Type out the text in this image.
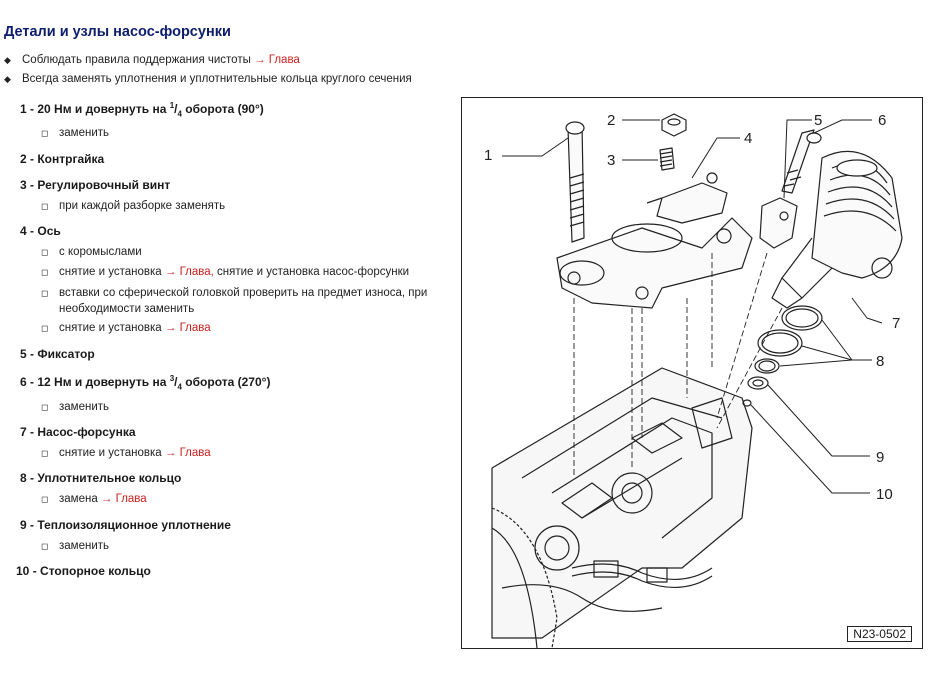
Детали и узлы насос-форсунки
◆ Соблюдать правила поддержания чистоты → Глава
◆ Всегда заменять уплотнения и уплотнительные кольца круглого сечения
1 - 20 Нм и довернуть на $^1/_4$ оборота (90°)
◻ заменить
2 - Контргайка
3 - Регулировочный винт
◻ при каждой разборке заменять
4 - Ось
◻ с коромыслами
◻ снятие и установка → Глава, снятие и установка насос-форсунки
◻ вставки со сферической головкой проверить на предмет износа, при необходимости заменить
◻ снятие и установка → Глава
5 - Фиксатор
6 - 12 Нм и довернуть на $^3/_4$ оборота (270°)
◻ заменить
7 - Насос-форсунка
◻ снятие и установка → Глава
8 - Уплотнительное кольцо
◻ замена → Глава
9 - Теплоизоляционное уплотнение
◻ заменить
10 - Стопорное кольцо
1
2
3
4
5	6
7
8
9
10
N23-0502
